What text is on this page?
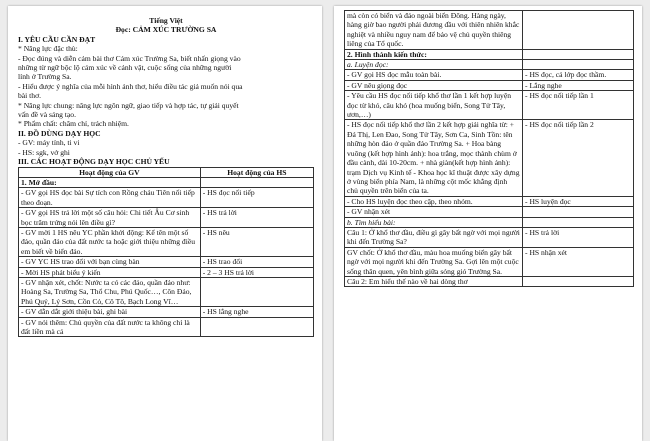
Tiếng Việt
Đọc: CẢM XÚC TRƯỜNG SA
I. YÊU CẦU CẦN ĐẠT
* Năng lực đặc thù:
- Đọc đúng và diễn cảm bài thơ Cảm xúc Trường Sa, biết nhấn giọng vào
những từ ngữ bộc lộ cảm xúc về cảnh vật, cuộc sống của những người
lính ở Trường Sa.
- Hiểu được ý nghĩa của mỗi hình ảnh thơ, hiểu điều tác giả muốn nói qua
bài thơ.
* Năng lực chung: năng lực ngôn ngữ, giao tiếp và hợp tác, tự giải quyết
vấn đề và sáng tạo.
* Phẩm chất: chăm chỉ, trách nhiệm.
II. ĐỒ DÙNG DẠY HỌC
- GV: máy tính, ti vi
- HS: sgk, vở ghi
III. CÁC HOẠT ĐỘNG DẠY HỌC CHỦ YẾU
Hoạt động của GV	Hoạt động của HS
1. Mở đầu:	
- GV gọi HS đọc bài Sự tích con Rồng cháu Tiên nối tiếp theo đoạn.	- HS đọc nối tiếp
- GV gọi HS trả lời một số câu hỏi: Chi tiết Âu Cơ sinh bọc trăm trứng nói lên điều gì?	- HS trả lời
- GV mời 1 HS nêu YC phần khởi động: Kể tên một số đảo, quần đảo của đất nước ta hoặc giới thiệu những điều em biết về biển đảo.	- HS nêu
- GV YC HS trao đổi với bạn cùng bàn	- HS trao đổi
- Mời HS phát biểu ý kiến	- 2 – 3 HS trả lời
- GV nhận xét, chốt: Nước ta có các đảo, quần đảo như: Hoàng Sa, Trường Sa, Thổ Chu, Phú Quốc…, Côn Đảo, Phú Quý, Lý Sơn, Cồn Cỏ, Cô Tô, Bạch Long Vĩ…	
- GV dẫn dắt giới thiệu bài, ghi bài	- HS lắng nghe
- GV nói thêm: Chủ quyền của đất nước ta không chỉ là đất liền mà cả	
mà còn có biển và đảo ngoài biển Đông. Hàng ngày, hàng giờ bao người phải đương đầu với thiên nhiên khắc nghiệt và nhiều nguy nam để bảo vệ chủ quyền thiêng liêng của Tổ quốc.	
2. Hình thành kiến thức:	
a. Luyện đọc:	
- GV gọi HS đọc mẫu toàn bài.	- HS đọc, cả lớp đọc thầm.
- GV nêu giọng đọc	- Lắng nghe
- Yêu cầu HS đọc nối tiếp khổ thơ lần 1 kết hợp luyện đọc từ khó, câu khó (hoa muống biển, Song Tử Tây, ươn,…)	- HS đọc nối tiếp lần 1
- HS đọc nối tiếp khổ thơ lần 2 kết hợp giải nghĩa từ: + Đá Thị, Len Đao, Song Tử Tây, Sơn Ca, Sinh Tồn: tên những hòn đảo ở quần đảo Trường Sa. + Hoa bàng vuông (kết hợp hình ảnh): hoa trắng, mọc thành chùm ở đầu cành, dài 10-20cm. + nhà giàn(kết hợp hình ảnh): trạm Dịch vụ Kinh tế - Khoa học kĩ thuật được xây dựng ở vùng biển phía Nam, là những cột mốc khẳng định chủ quyền trên biển của ta.	- HS đọc nối tiếp lần 2
- Cho HS luyện đọc theo cặp, theo nhóm.	- HS luyện đọc
- GV nhận xét	
b. Tìm hiểu bài:	
Câu 1: Ở khổ thơ đầu, điều gì gây bất ngờ với mọi người khi đến Trường Sa?	- HS trả lời
GV chốt: Ở khổ thơ đầu, màu hoa muống biển gây bất ngờ với mọi người khi đến Trường Sa. Gợi lên một cuộc sống thân quen, yên bình giữa sóng gió Trường Sa.	- HS nhận xét
Câu 2: Em hiểu thế nào về hai dòng thơ	
